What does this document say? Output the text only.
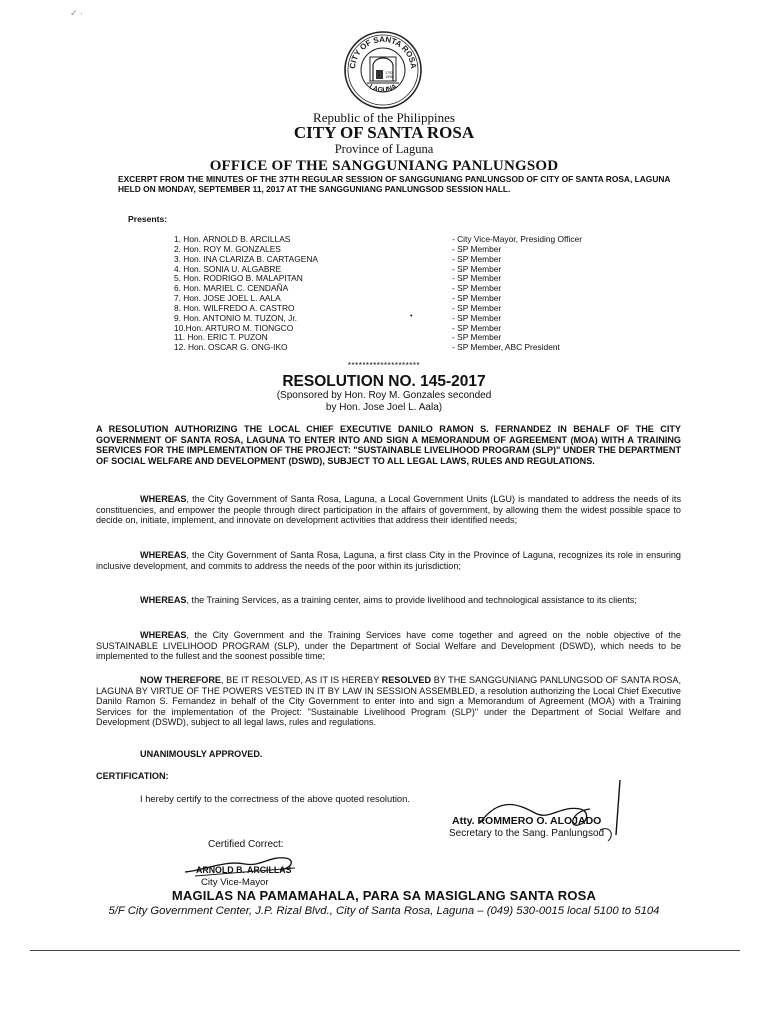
✓ ·
CITY OF SANTA ROSA
LAGUNA
1792
1998
Republic of the Philippines
CITY OF SANTA ROSA
Province of Laguna
OFFICE OF THE SANGGUNIANG PANLUNGSOD
EXCERPT FROM THE MINUTES OF THE 37TH REGULAR SESSION OF SANGGUNIANG PANLUNGSOD OF CITY OF SANTA ROSA, LAGUNA HELD ON MONDAY, SEPTEMBER 11, 2017 AT THE SANGGUNIANG PANLUNGSOD SESSION HALL.
Presents:
1. Hon. ARNOLD B. ARCILLAS	- City Vice-Mayor, Presiding Officer
2. Hon. ROY M. GONZALES	- SP Member
3. Hon. INA CLARIZA B. CARTAGENA	- SP Member
4. Hon. SONIA U. ALGABRE	- SP Member
5. Hon. RODRIGO B. MALAPITAN	- SP Member
6. Hon. MARIEL C. CENDAÑA	- SP Member
7. Hon. JOSE JOEL L. AALA	- SP Member
8. Hon. WILFREDO A. CASTRO	- SP Member
9. Hon. ANTONIO M. TUZON, Jr.	- SP Member
10.Hon. ARTURO M. TIONGCO	- SP Member
11. Hon. ERIC T. PUZON	- SP Member
12. Hon. OSCAR G. ONG-IKO	- SP Member, ABC President
•
********************
RESOLUTION NO. 145-2017
(Sponsored by Hon. Roy M. Gonzales seconded
by Hon. Jose Joel L. Aala)
A RESOLUTION AUTHORIZING THE LOCAL CHIEF EXECUTIVE DANILO RAMON S. FERNANDEZ IN BEHALF OF THE CITY GOVERNMENT OF SANTA ROSA, LAGUNA TO ENTER INTO AND SIGN A MEMORANDUM OF AGREEMENT (MOA) WITH A TRAINING SERVICES FOR THE IMPLEMENTATION OF THE PROJECT: "SUSTAINABLE LIVELIHOOD PROGRAM (SLP)" UNDER THE DEPARTMENT OF SOCIAL WELFARE AND DEVELOPMENT (DSWD), SUBJECT TO ALL LEGAL LAWS, RULES AND REGULATIONS.
WHEREAS, the City Government of Santa Rosa, Laguna, a Local Government Units (LGU) is mandated to address the needs of its constituencies, and empower the people through direct participation in the affairs of government, by allowing them the widest possible space to decide on, initiate, implement, and innovate on development activities that address their identified needs;
WHEREAS, the City Government of Santa Rosa, Laguna, a first class City in the Province of Laguna, recognizes its role in ensuring inclusive development, and commits to address the needs of the poor within its jurisdiction;
WHEREAS, the Training Services, as a training center, aims to provide livelihood and technological assistance to its clients;
WHEREAS, the City Government and the Training Services have come together and agreed on the noble objective of the SUSTAINABLE LIVELIHOOD PROGRAM (SLP), under the Department of Social Welfare and Development (DSWD), which needs to be implemented to the fullest and the soonest possible time;
NOW THEREFORE, BE IT RESOLVED, AS IT IS HEREBY RESOLVED BY THE SANGGUNIANG PANLUNGSOD OF SANTA ROSA, LAGUNA BY VIRTUE OF THE POWERS VESTED IN IT BY LAW IN SESSION ASSEMBLED, a resolution authorizing the Local Chief Executive Danilo Ramon S. Fernandez in behalf of the City Government to enter into and sign a Memorandum of Agreement (MOA) with a Training Services for the implementation of the Project: "Sustainable Livelihood Program (SLP)" under the Department of Social Welfare and Development (DSWD), subject to all legal laws, rules and regulations.
UNANIMOUSLY APPROVED.
CERTIFICATION:
I hereby certify to the correctness of the above quoted resolution.
Atty. ROMMERO O. ALOJADO
Secretary to the Sang. Panlungsod
Certified Correct:
ARNOLD B. ARCILLAS
City Vice-Mayor
MAGILAS NA PAMAMAHALA, PARA SA MASIGLANG SANTA ROSA
5/F City Government Center, J.P. Rizal Blvd., City of Santa Rosa, Laguna – (049) 530-0015 local 5100 to 5104
